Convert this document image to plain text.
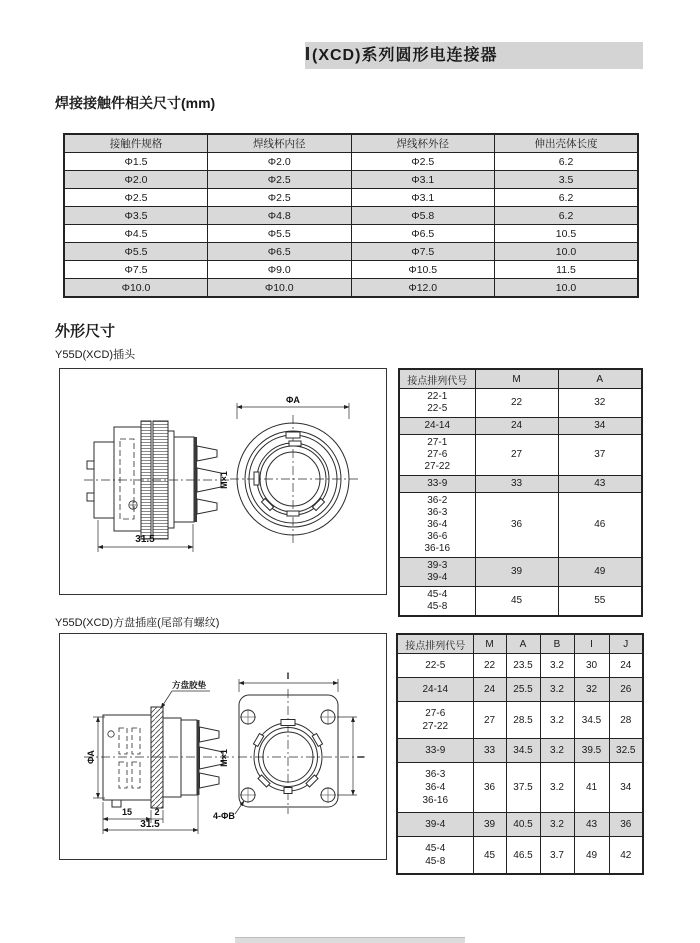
(XCD)系列圆形电连接器
焊接接触件相关尺寸(mm)
接触件规格	焊线杯内径	焊线杯外径	伸出壳体长度

Φ1.5	Φ2.0	Φ2.5	6.2

Φ2.0	Φ2.5	Φ3.1	3.5

Φ2.5	Φ2.5	Φ3.1	6.2

Φ3.5	Φ4.8	Φ5.8	6.2

Φ4.5	Φ5.5	Φ6.5	10.5

Φ5.5	Φ6.5	Φ7.5	10.0

Φ7.5	Φ9.0	Φ10.5	11.5

Φ10.0	Φ10.0	Φ12.0	10.0
外形尺寸
Y55D(XCD)插头
31.5
M×1
ΦA
接点排列代号	M	A

22-1
22-5	22	32

24-14	24	34

27-1
27-6
27-22	27	37

33-9	33	43

36-2
36-3
36-4
36-6
36-16	36	46

39-3
39-4	39	49

45-4
45-8	45	55
Y55D(XCD)方盘插座(尾部有螺纹)
ΦA	M×1
方盘胶垫
15 2
31.5
I
I
4-ΦB
接点排列代号	M	A	B	I	J

22-5	22	23.5	3.2	30	24

24-14	24	25.5	3.2	32	26

27-6
27-22	27	28.5	3.2	34.5	28

33-9	33	34.5	3.2	39.5	32.5

36-3
36-4
36-16	36	37.5	3.2	41	34

39-4	39	40.5	3.2	43	36

45-4
45-8	45	46.5	3.7	49	42
